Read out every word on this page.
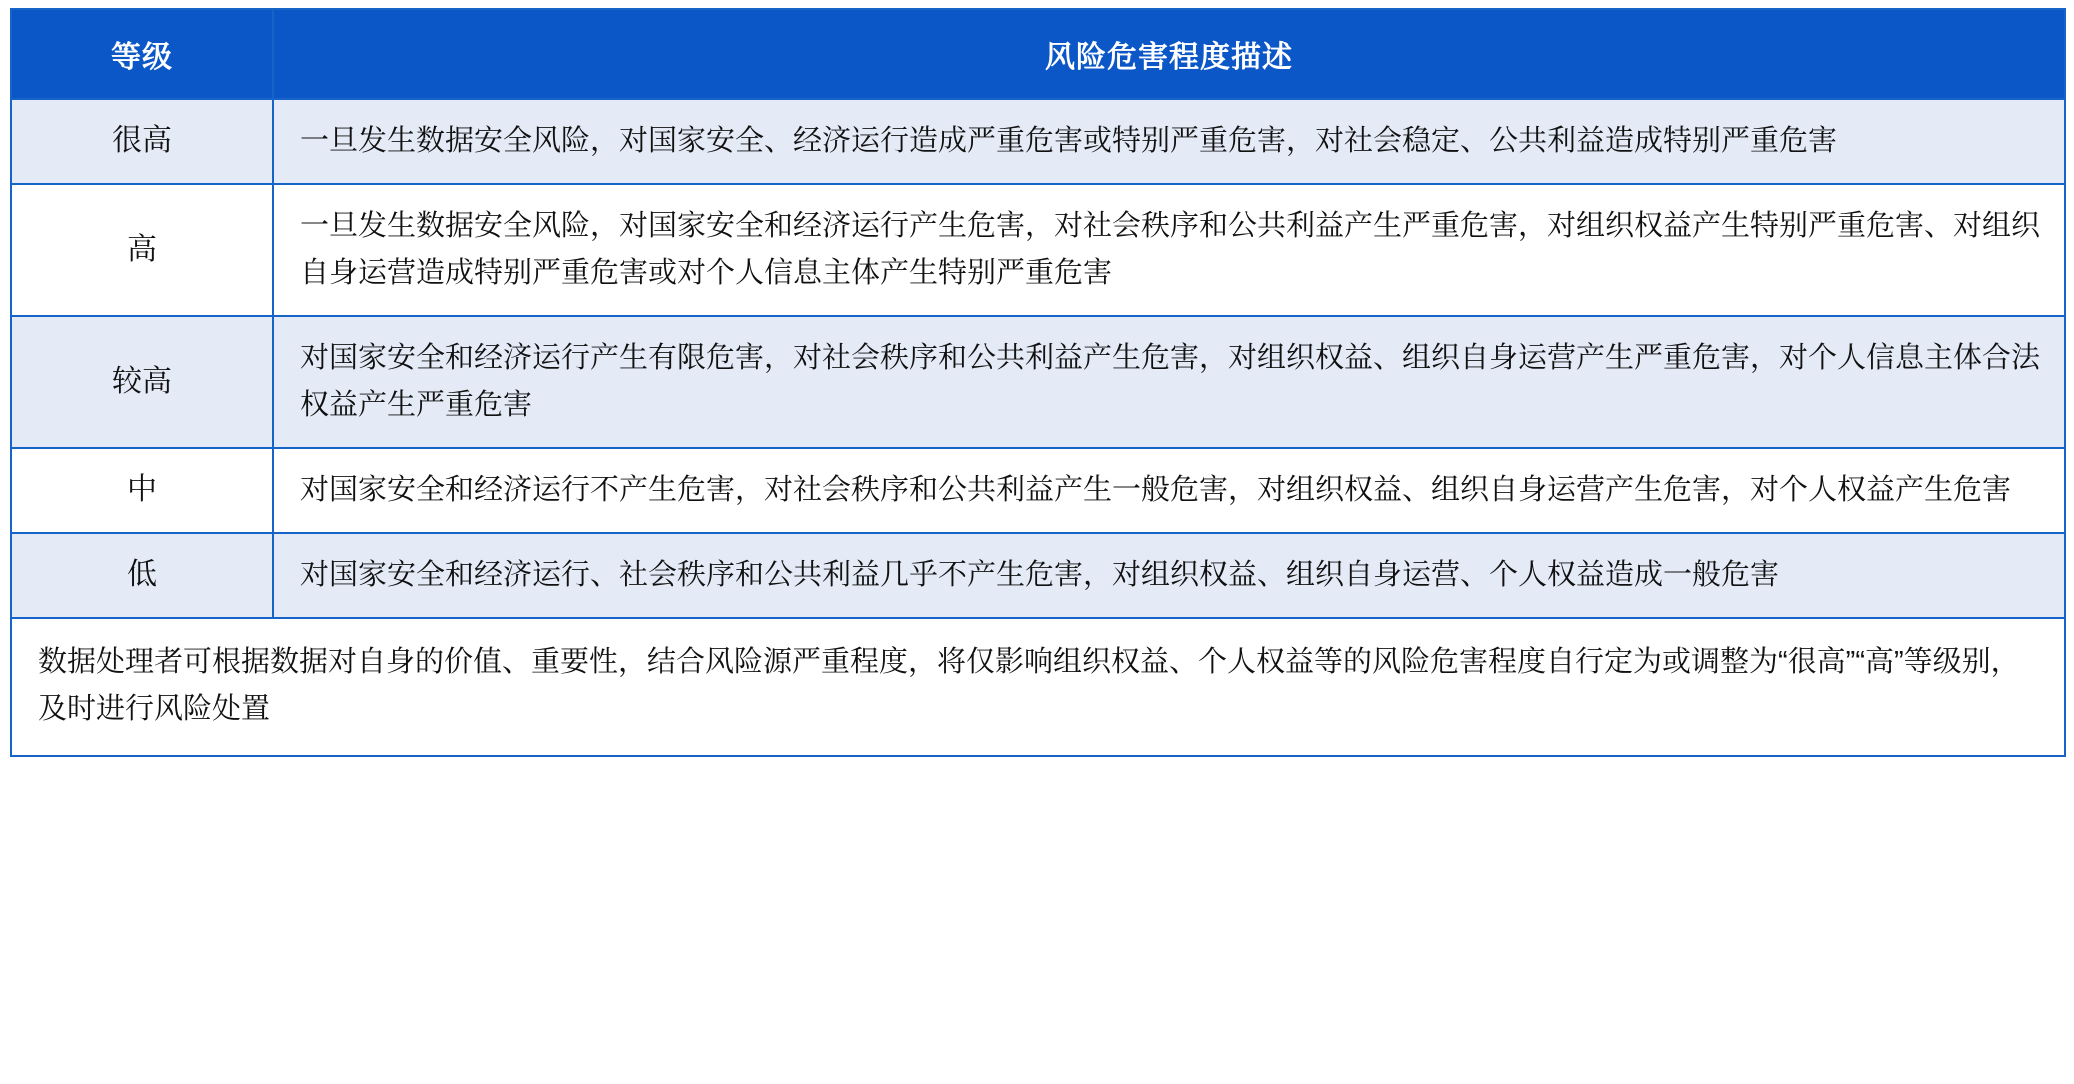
等级	风险危害程度描述
很高	一旦发生数据安全风险，对国家安全、经济运行造成严重危害或特别严重危害，对社会稳定、公共利益造成特别严重危害
高	一旦发生数据安全风险，对国家安全和经济运行产生危害，对社会秩序和公共利益产生严重危害，对组织权益产生特别严重危害、对组织自身运营造成特别严重危害或对个人信息主体产生特别严重危害
较高	对国家安全和经济运行产生有限危害，对社会秩序和公共利益产生危害，对组织权益、组织自身运营产生严重危害，对个人信息主体合法权益产生严重危害
中	对国家安全和经济运行不产生危害，对社会秩序和公共利益产生一般危害，对组织权益、组织自身运营产生危害，对个人权益产生危害
低	对国家安全和经济运行、社会秩序和公共利益几乎不产生危害，对组织权益、组织自身运营、个人权益造成一般危害
数据处理者可根据数据对自身的价值、重要性，结合风险源严重程度，将仅影响组织权益、个人权益等的风险危害程度自行定为或调整为“很高”“高”等级别，及时进行风险处置	
